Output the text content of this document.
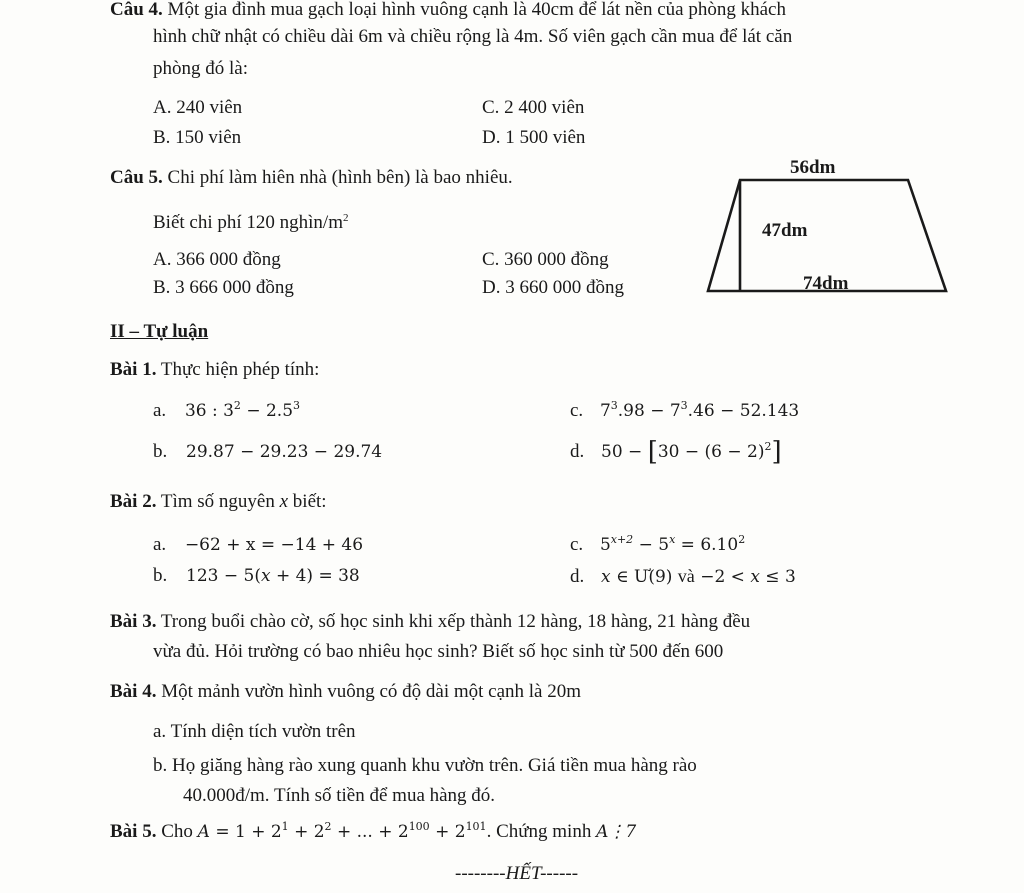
Câu 4. Một gia đình mua gạch loại hình vuông cạnh là 40cm để lát nền của phòng khách
hình chữ nhật có chiều dài 6m và chiều rộng là 4m. Số viên gạch cần mua để lát căn
phòng đó là:
A. 240 viên	C. 2 400 viên
B. 150 viên	D. 1 500 viên
Câu 5. Chi phí làm hiên nhà (hình bên) là bao nhiêu.
Biết chi phí 120 nghìn/$m^2$
A. 366 000 đồng	C. 360 000 đồng
B. 3 666 000 đồng	D. 3 660 000 đồng
56dm
47dm
74dm
II – Tự luận
Bài 1. Thực hiện phép tính:
a. 36 : $3^2 - 2.5^3$	c. $7^3.98 - 7^3.46 - 52.143$
b. 29.87 − 29.23 − 29.74	d. $50 - [30 - (6 - 2)^2]$
Bài 2. Tìm số nguyên x biết:
a. −62 + x = −14 + 46	c. $5^{x+2} - 5^x = 6.10^2$
b. 123 − 5(x + 4) = 38	d. x ∈ Ư(9) và −2 < x ≤ 3
Bài 3. Trong buổi chào cờ, số học sinh khi xếp thành 12 hàng, 18 hàng, 21 hàng đều
vừa đủ. Hỏi trường có bao nhiêu học sinh? Biết số học sinh từ 500 đến 600
Bài 4. Một mảnh vườn hình vuông có độ dài một cạnh là 20m
a. Tính diện tích vườn trên
b. Họ giăng hàng rào xung quanh khu vườn trên. Giá tiền mua hàng rào
40.000đ/m. Tính số tiền để mua hàng đó.
Bài 5. Cho $A = 1 + 2^1 + 2^2$ + ... + $2^{100} + 2^{101}$. Chứng minh A⋮7
--------HẾT------
